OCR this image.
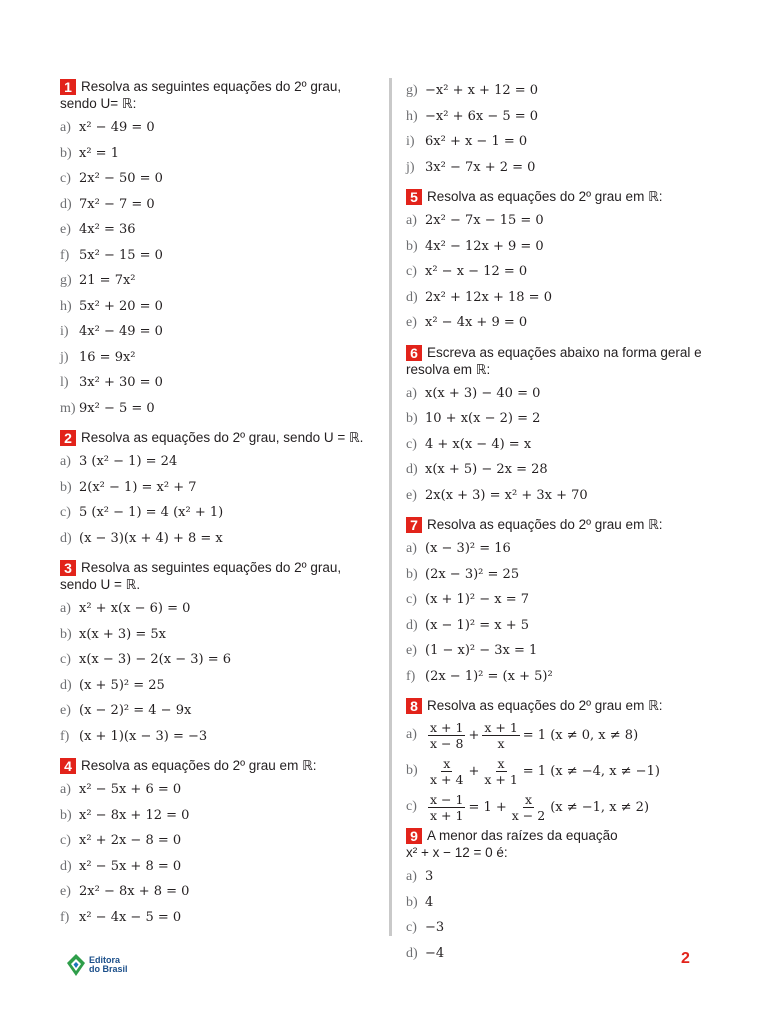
1 Resolva as seguintes equações do 2º grau, sendo U= ℝ:
a) x² − 49 = 0
b) x² = 1
c) 2x² − 50 = 0
d) 7x² − 7 = 0
e) 4x² = 36
f) 5x² − 15 = 0
g) 21 = 7x²
h) 5x² + 20 = 0
i) 4x² − 49 = 0
j) 16 = 9x²
l) 3x² + 30 = 0
m) 9x² − 5 = 0
2 Resolva as equações do 2º grau, sendo U = ℝ.
a) 3 (x² − 1) = 24
b) 2(x² − 1) = x² + 7
c) 5 (x² − 1) = 4 (x² + 1)
d) (x − 3)(x + 4) + 8 = x
3 Resolva as seguintes equações do 2º grau, sendo U = ℝ.
a) x² + x(x − 6) = 0
b) x(x + 3) = 5x
c) x(x − 3) − 2(x − 3) = 6
d) (x + 5)² = 25
e) (x − 2)² = 4 − 9x
f) (x + 1)(x − 3) = −3
4 Resolva as equações do 2º grau em ℝ:
a) x² − 5x + 6 = 0
b) x² − 8x + 12 = 0
c) x² + 2x − 8 = 0
d) x² − 5x + 8 = 0
e) 2x² − 8x + 8 = 0
f) x² − 4x − 5 = 0
g) −x² + x + 12 = 0
h) −x² + 6x − 5 = 0
i) 6x² + x − 1 = 0
j) 3x² − 7x + 2 = 0
5 Resolva as equações do 2º grau em ℝ:
a) 2x² − 7x − 15 = 0
b) 4x² − 12x + 9 = 0
c) x² − x − 12 = 0
d) 2x² + 12x + 18 = 0
e) x² − 4x + 9 = 0
6 Escreva as equações abaixo na forma geral e resolva em ℝ:
a) x(x + 3) − 40 = 0
b) 10 + x(x − 2) = 2
c) 4 + x(x − 4) = x
d) x(x + 5) − 2x = 28
e) 2x(x + 3) = x² + 3x + 70
7 Resolva as equações do 2º grau em ℝ:
a) (x − 3)² = 16
b) (2x − 3)² = 25
c) (x + 1)² − x = 7
d) (x − 1)² = x + 5
e) (1 − x)² − 3x = 1
f) (2x − 1)² = (x + 5)²
8 Resolva as equações do 2º grau em ℝ:
$a) \frac{x + 1}{x - 8} + \frac{x + 1}{x} = 1$ (x ≠ 0, x ≠ 8)
$b) \frac{x}{x + 4} + \frac{x}{x + 1} = 1$ (x ≠ −4, x ≠ −1)
$c) \frac{x - 1}{x + 1} = 1 + \frac{x}{x - 2} (x \ne -1$, x ≠ 2)
9 A menor das raízes da equação
x² + x − 12 = 0 é:
a) 3
b) 4
c) −3
d) −4
Editora
do Brasil
2
